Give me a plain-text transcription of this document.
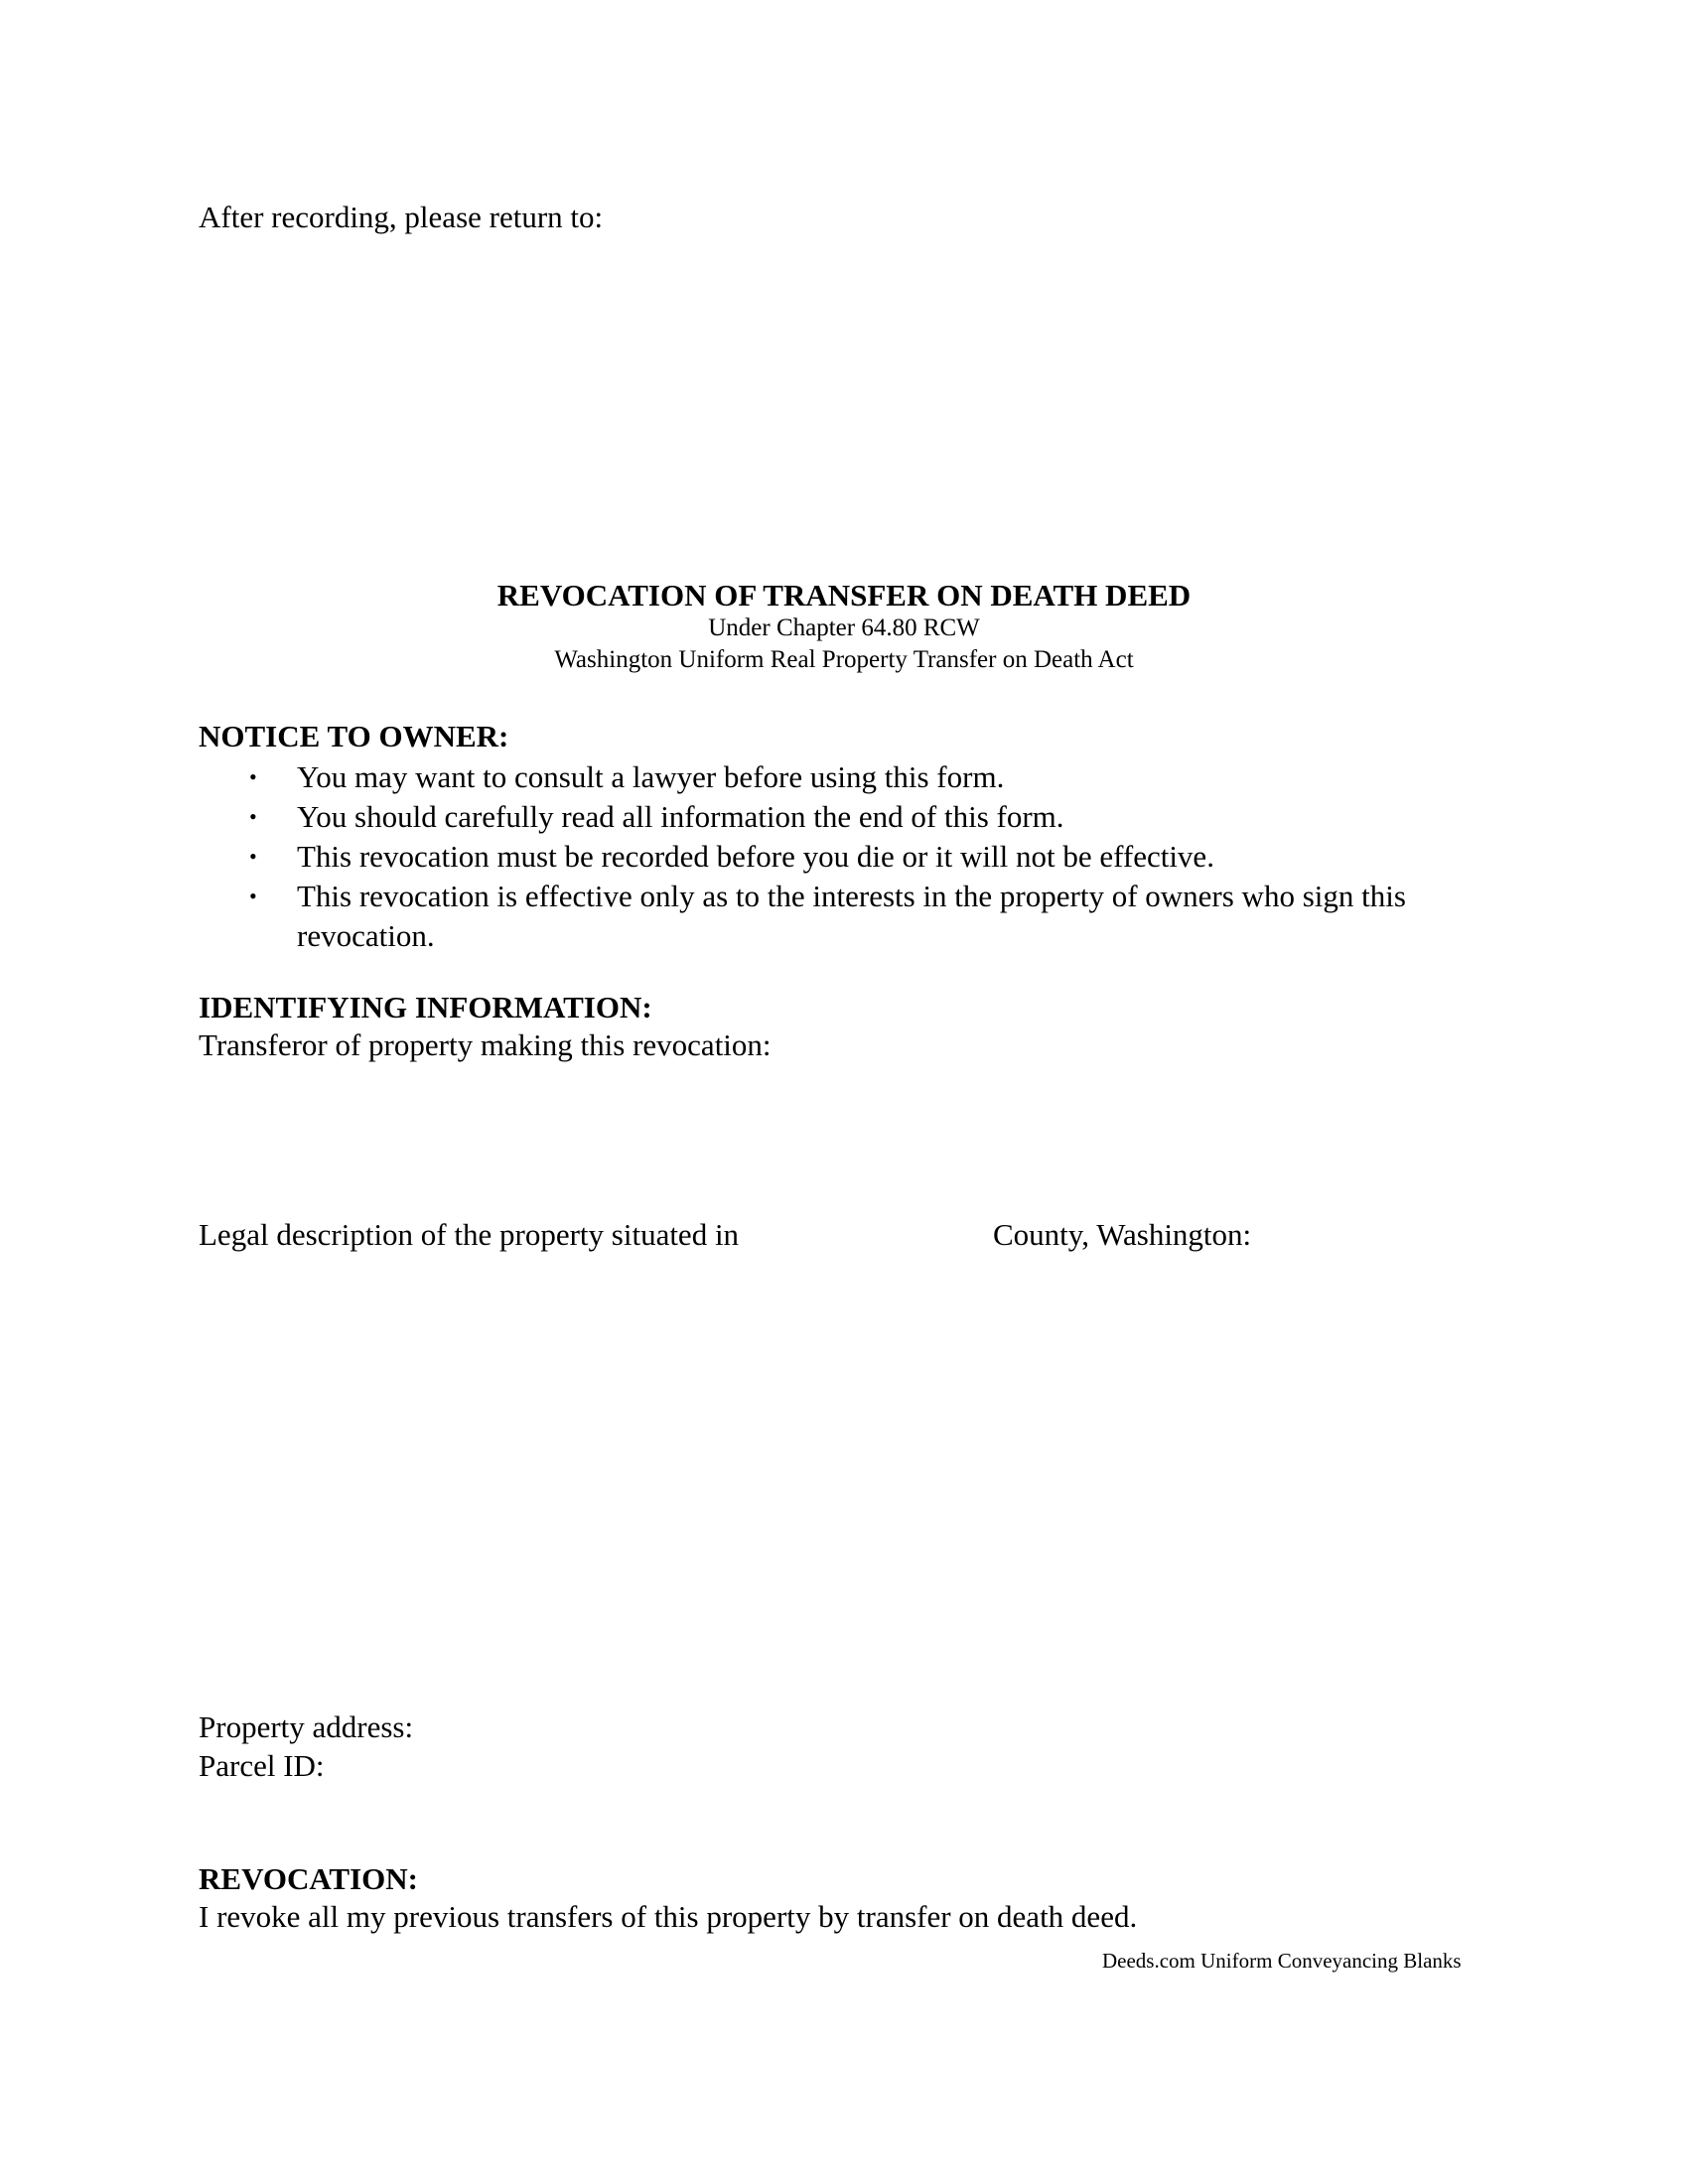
After recording, please return to:
REVOCATION OF TRANSFER ON DEATH DEED
Under Chapter 64.80 RCW
Washington Uniform Real Property Transfer on Death Act
NOTICE TO OWNER:
• You may want to consult a lawyer before using this form.
• You should carefully read all information the end of this form.
• This revocation must be recorded before you die or it will not be effective.
• This revocation is effective only as to the interests in the property of owners who sign this revocation.
IDENTIFYING INFORMATION:
Transferor of property making this revocation:
Legal description of the property situated in	County, Washington:
Property address:
Parcel ID:
REVOCATION:
I revoke all my previous transfers of this property by transfer on death deed.
Deeds.com Uniform Conveyancing Blanks
